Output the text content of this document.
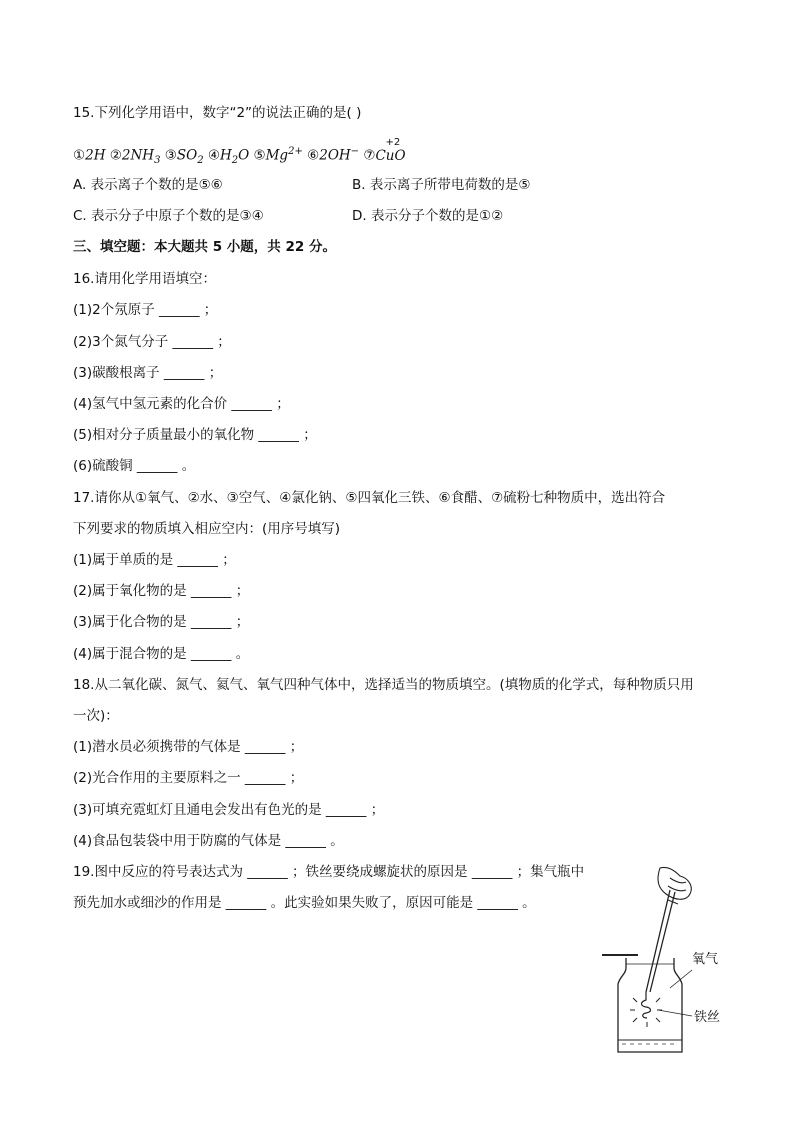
15.下列化学用语中，数字“2”的说法正确的是( )
①2H $②2NH_3$ $③SO_2$ $④H_2O$ $⑤Mg^{2+}$ ⑥2OH− ⑦
+2
CuO
A. 表示离子个数的是⑤⑥	B. 表示离子所带电荷数的是⑤
C. 表示分子中原子个数的是③④	D. 表示分子个数的是①②
三、填空题：本大题共 5 小题，共 22 分。
16.请用化学用语填空：
(1)2个氖原子 ______ ；
(2)3个氮气分子 ______ ；
(3)碳酸根离子 ______ ；
(4)氢气中氢元素的化合价 ______ ；
(5)相对分子质量最小的氧化物 ______ ；
(6)硫酸铜 ______ 。
17.请你从①氧气、②水、③空气、④氯化钠、⑤四氧化三铁、⑥食醋、⑦硫粉七种物质中，选出符合
下列要求的物质填入相应空内：(用序号填写)
(1)属于单质的是 ______ ；
(2)属于氧化物的是 ______ ；
(3)属于化合物的是 ______ ；
(4)属于混合物的是 ______ 。
18.从二氧化碳、氮气、氦气、氧气四种气体中，选择适当的物质填空。(填物质的化学式，每种物质只用
一次)：
(1)潜水员必须携带的气体是 ______ ；
(2)光合作用的主要原料之一 ______ ；
(3)可填充霓虹灯且通电会发出有色光的是 ______ ；
(4)食品包装袋中用于防腐的气体是 ______ 。
19.图中反应的符号表达式为 ______ ；铁丝要绕成螺旋状的原因是 ______ ；集气瓶中
预先加水或细沙的作用是 ______ 。此实验如果失败了，原因可能是 ______ 。
氧气
铁丝
